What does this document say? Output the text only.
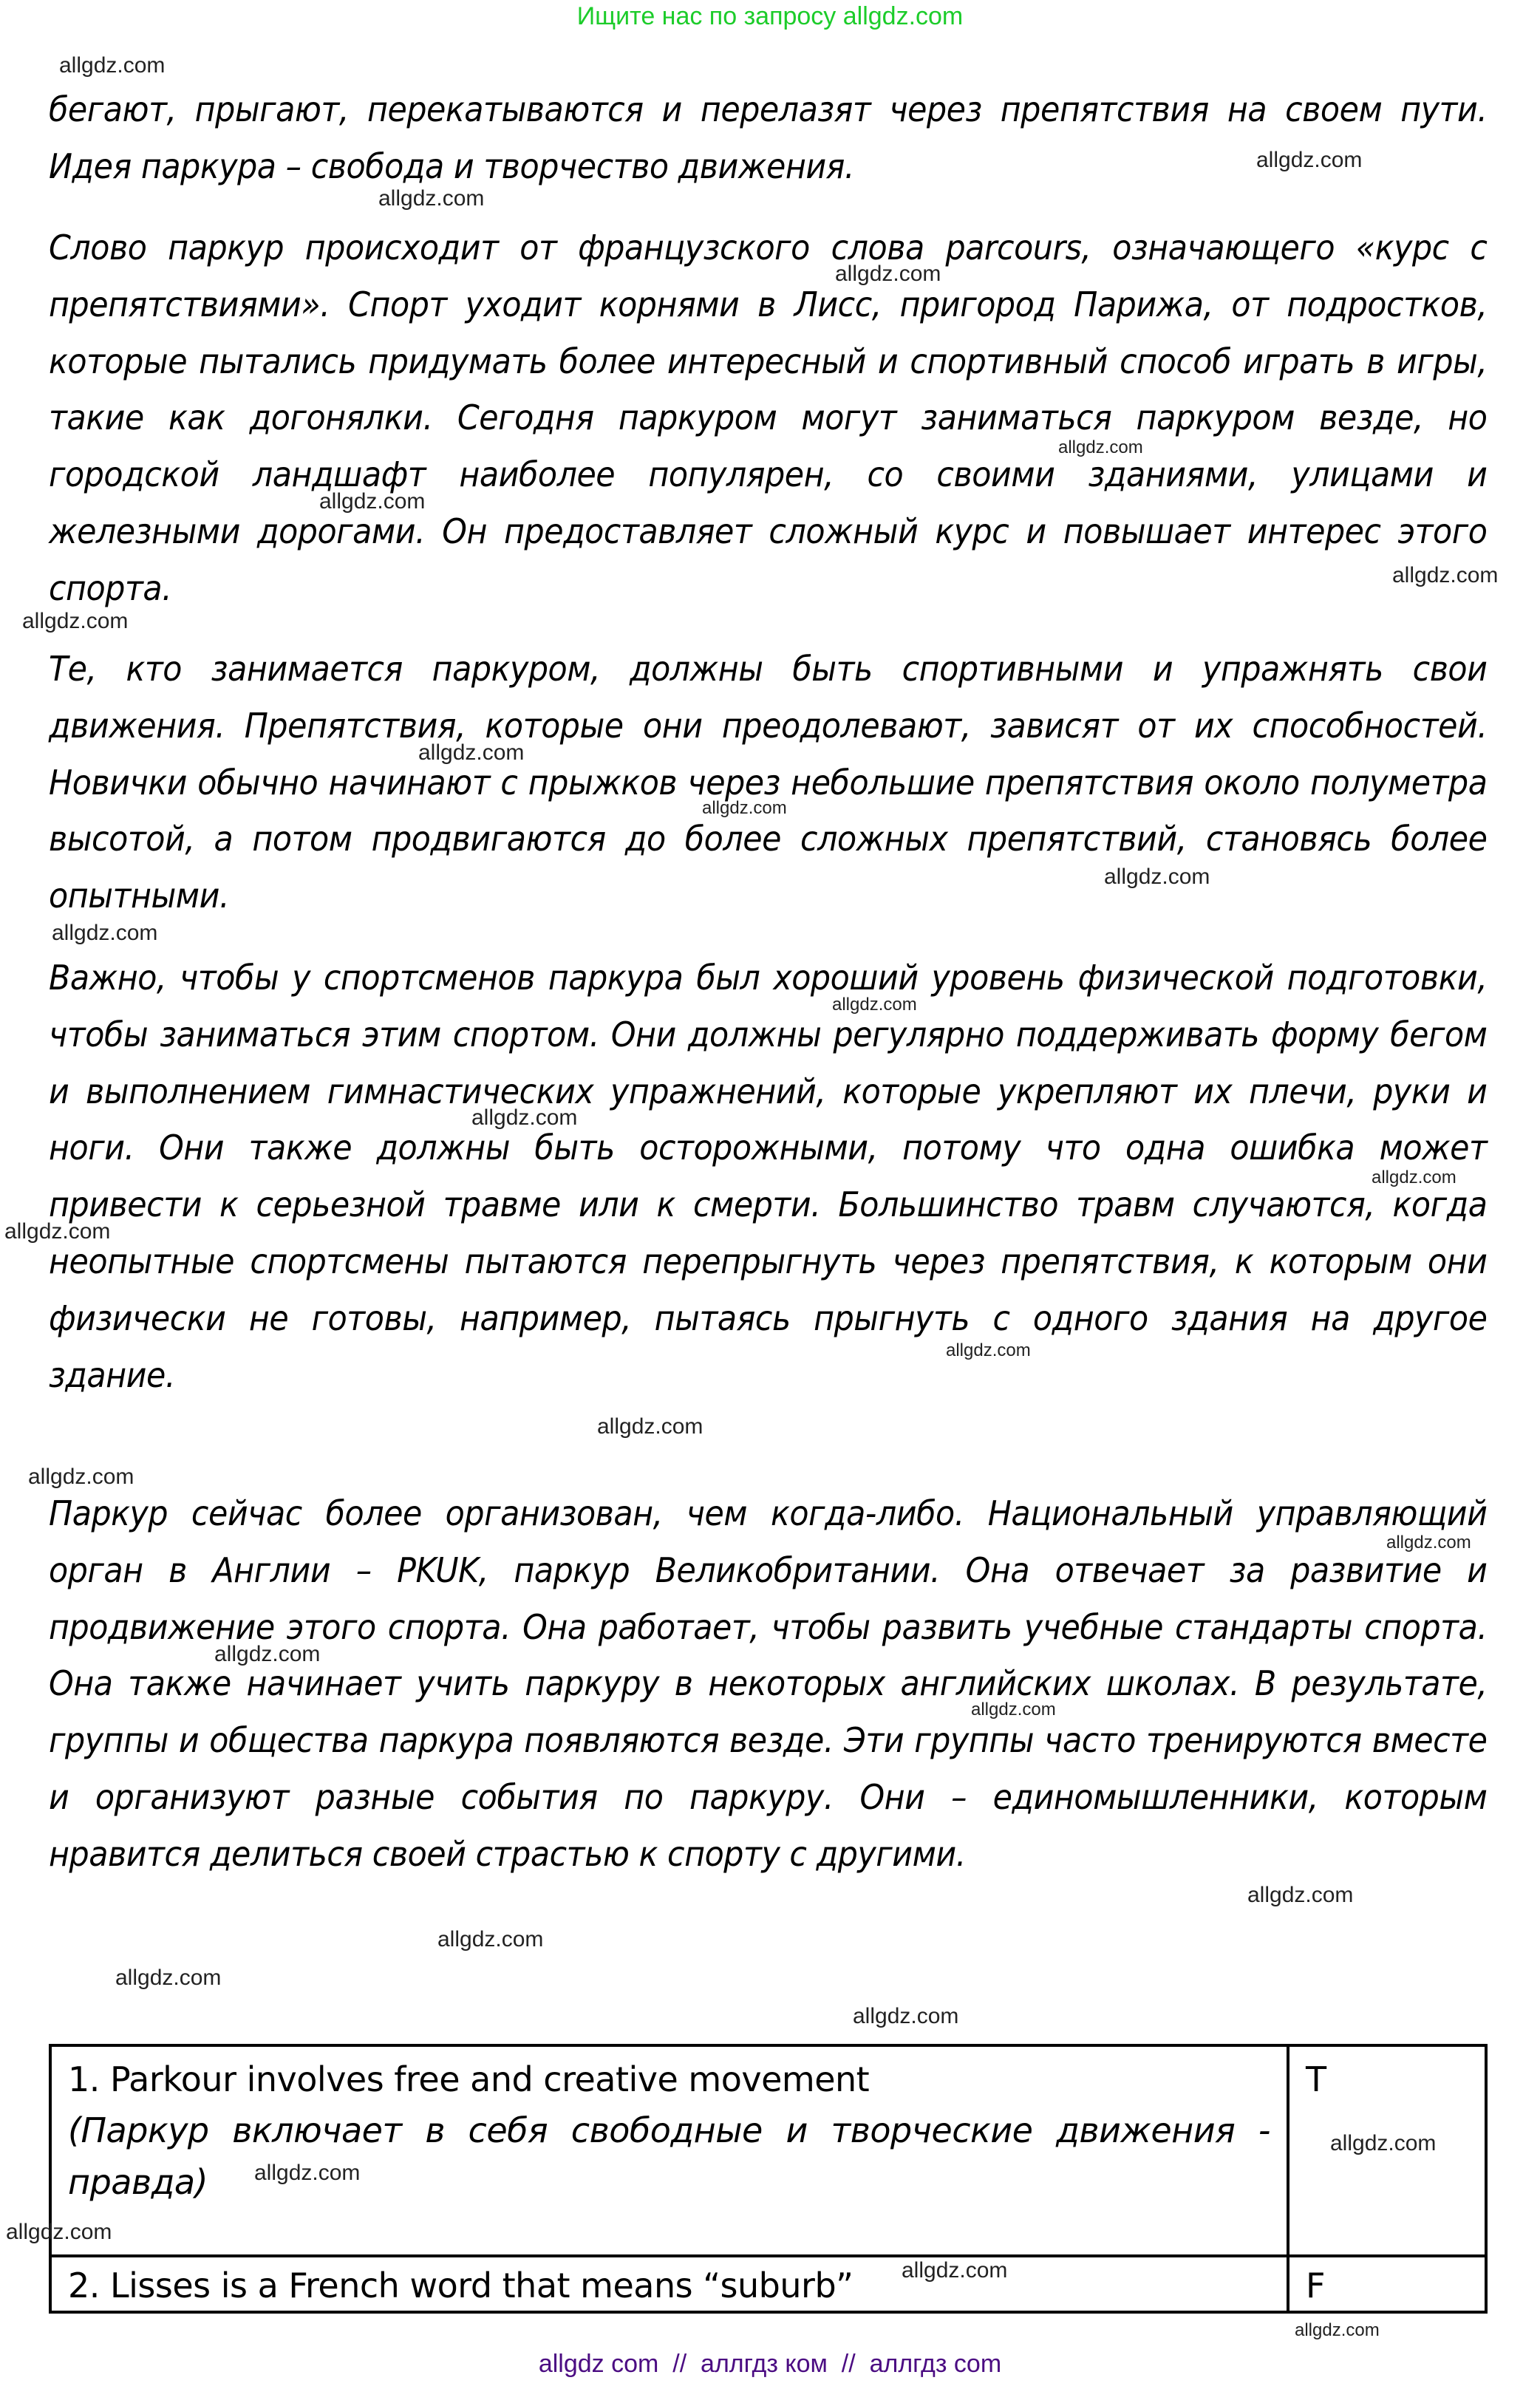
Ищите нас по запросу allgdz.com

бегают, прыгают, перекатываются и перелазят через препятствия на своем пути. Идея паркура – свобода и творчество движения.

Слово паркур происходит от французского слова parcours, означающего «курс с препятствиями». Спорт уходит корнями в Лисс, пригород Парижа, от подростков, которые пытались придумать более интересный и спортивный способ играть в игры, такие как догонялки. Сегодня паркуром могут заниматься паркуром везде, но городской ландшафт наиболее популярен, со своими зданиями, улицами и железными дорогами. Он предоставляет сложный курс и повышает интерес этого спорта.

Те, кто занимается паркуром, должны быть спортивными и упражнять свои движения. Препятствия, которые они преодолевают, зависят от их способностей. Новички обычно начинают с прыжков через небольшие препятствия около полуметра высотой, а потом продвигаются до более сложных препятствий, становясь более опытными.

Важно, чтобы у спортсменов паркура был хороший уровень физической подготовки, чтобы заниматься этим спортом. Они должны регулярно поддерживать форму бегом и выполнением гимнастических упражнений, которые укрепляют их плечи, руки и ноги. Они также должны быть осторожными, потому что одна ошибка может привести к серьезной травме или к смерти. Большинство травм случаются, когда неопытные спортсмены пытаются перепрыгнуть через препятствия, к которым они физически не готовы, например, пытаясь прыгнуть с одного здания на другое здание.

Паркур сейчас более организован, чем когда-либо. Национальный управляющий орган в Англии – PKUK, паркур Великобритании. Она отвечает за развитие и продвижение этого спорта. Она работает, чтобы развить учебные стандарты спорта. Она также начинает учить паркуру в некоторых английских школах. В результате, группы и общества паркура появляются везде. Эти группы часто тренируются вместе и организуют разные события по паркуру. Они – единомышленники, которым нравится делиться своей страстью к спорту с другими.

allgdz.com
allgdz.com
allgdz.com
allgdz.com
allgdz.com
allgdz.com
allgdz.com
allgdz.com
allgdz.com
allgdz.com
allgdz.com
allgdz.com
allgdz.com
allgdz.com
allgdz.com
allgdz.com
allgdz.com
allgdz.com
allgdz.com
allgdz.com
allgdz.com
allgdz.com
allgdz.com
allgdz.com
allgdz.com
allgdz.com
1. Parkour involves free and creative movement
(Паркур включает в себя свободные и творческие движения - правда)	T

2. Lisses is a French word that means “suburb”	F
allgdz.com
allgdz.com
allgdz.com
allgdz.com
allgdz.com
allgdz com  //  аллгдз ком  //  аллгдз com
